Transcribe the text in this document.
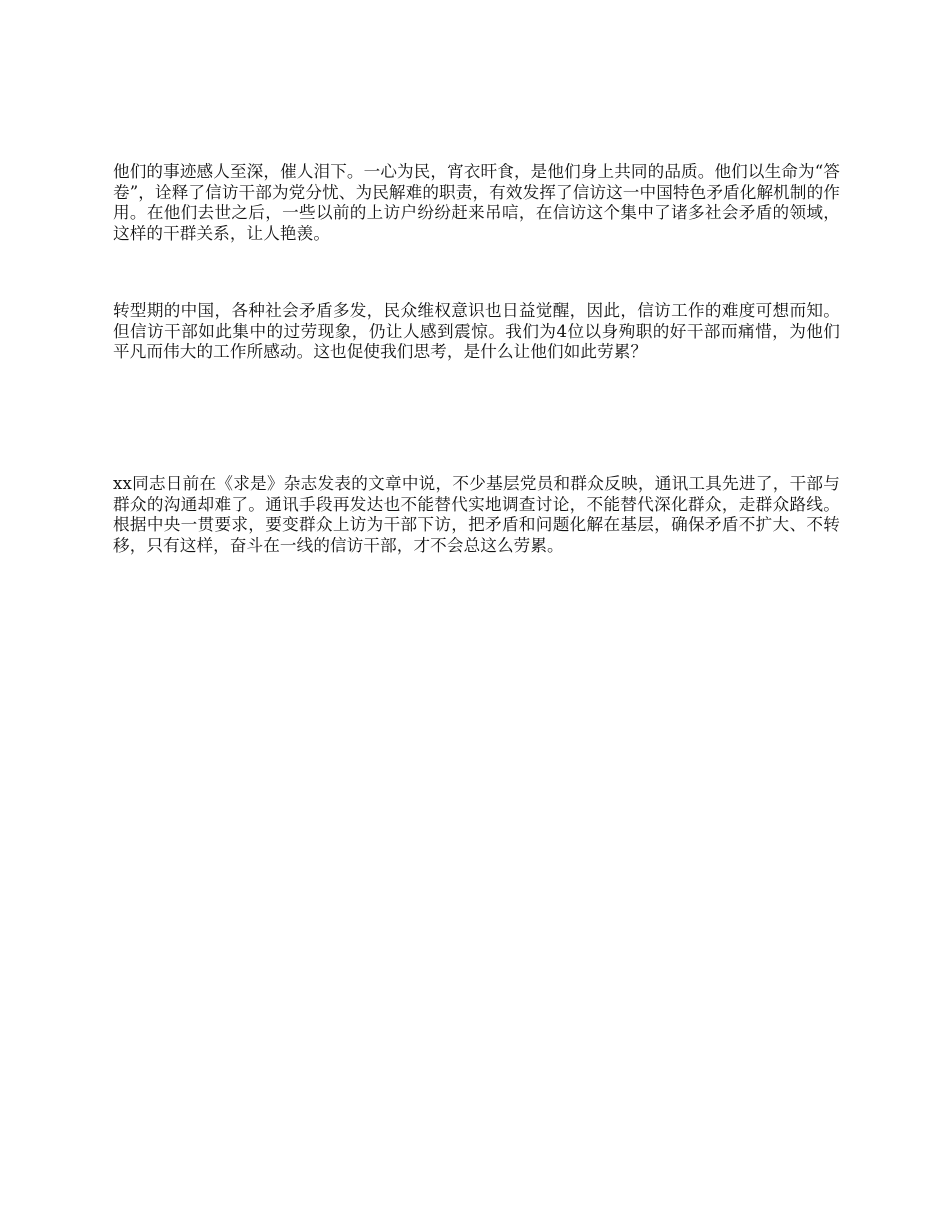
他们的事迹感人至深，催人泪下。一心为民，宵衣旰食，是他们身上共同的品质。他们以生命为“答卷”，诠释了信访干部为党分忧、为民解难的职责，有效发挥了信访这一中国特色矛盾化解机制的作用。在他们去世之后，一些以前的上访户纷纷赶来吊唁，在信访这个集中了诸多社会矛盾的领域，这样的干群关系，让人艳羡。

转型期的中国，各种社会矛盾多发，民众维权意识也日益觉醒，因此，信访工作的难度可想而知。但信访干部如此集中的过劳现象，仍让人感到震惊。我们为4位以身殉职的好干部而痛惜，为他们平凡而伟大的工作所感动。这也促使我们思考，是什么让他们如此劳累？

xx同志日前在《求是》杂志发表的文章中说，不少基层党员和群众反映，通讯工具先进了，干部与群众的沟通却难了。通讯手段再发达也不能替代实地调查讨论，不能替代深化群众，走群众路线。根据中央一贯要求，要变群众上访为干部下访，把矛盾和问题化解在基层，确保矛盾不扩大、不转移，只有这样，奋斗在一线的信访干部，才不会总这么劳累。
